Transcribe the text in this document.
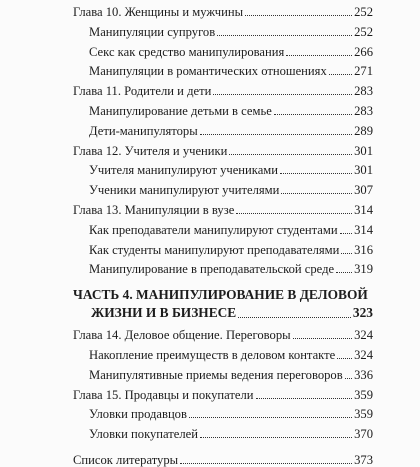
Глава 10. Женщины и мужчины	252
Манипуляции супругов	252
Секс как средство манипулирования	266
Манипуляции в романтических отношениях 271
Глава 11. Родители и дети	283
Манипулирование детьми в семье	283
Дети-манипуляторы	289
Глава 12. Учителя и ученики	301
Учителя манипулируют учениками	301
Ученики манипулируют учителями	307
Глава 13. Манипуляции в вузе	314
Как преподаватели манипулируют студентами 314
Как студенты манипулируют преподавателями 316
Манипулирование в преподавательской среде 319
ЧАСТЬ 4. МАНИПУЛИРОВАНИЕ В ДЕЛОВОЙ
ЖИЗНИ И В БИЗНЕСЕ	323
Глава 14. Деловое общение. Переговоры	324
Накопление преимуществ в деловом контакте 324
Манипулятивные приемы ведения переговоров 336
Глава 15. Продавцы и покупатели	359
Уловки продавцов	359
Уловки покупателей	370
Список литературы	373
